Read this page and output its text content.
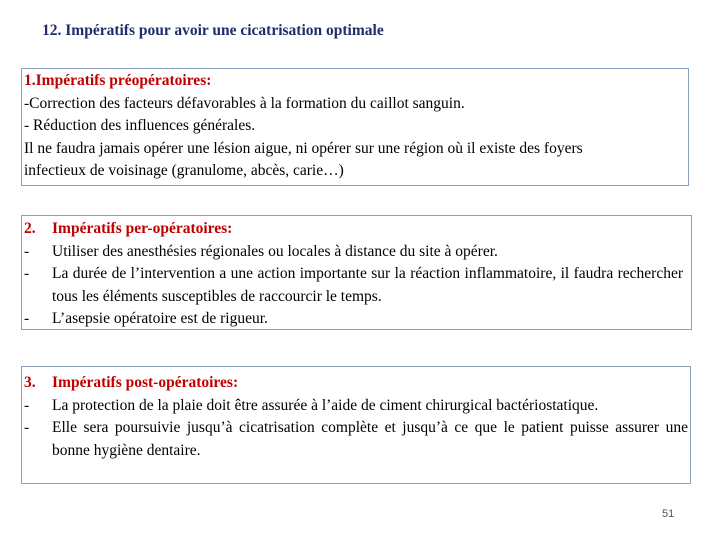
12. Impératifs pour avoir une cicatrisation optimale
1.Impératifs préopératoires:
-Correction des facteurs défavorables à la formation du caillot sanguin.
- Réduction des influences générales.
Il ne faudra jamais opérer une lésion aigue, ni opérer sur une région où il existe des foyers
infectieux de voisinage (granulome, abcès, carie…)
2.	Impératifs per-opératoires:
-	Utiliser des anesthésies régionales ou locales à distance du site à opérer.
-	La durée de l’intervention a une action importante sur la réaction inflammatoire, il faudra rechercher tous les éléments susceptibles de raccourcir le temps.
-	L’asepsie opératoire est de rigueur.
3.	Impératifs post-opératoires:
-	La protection de la plaie doit être assurée à l’aide de ciment chirurgical bactériostatique.
-	Elle sera poursuivie jusqu’à cicatrisation complète et jusqu’à ce que le patient puisse assurer une bonne hygiène dentaire.
51
